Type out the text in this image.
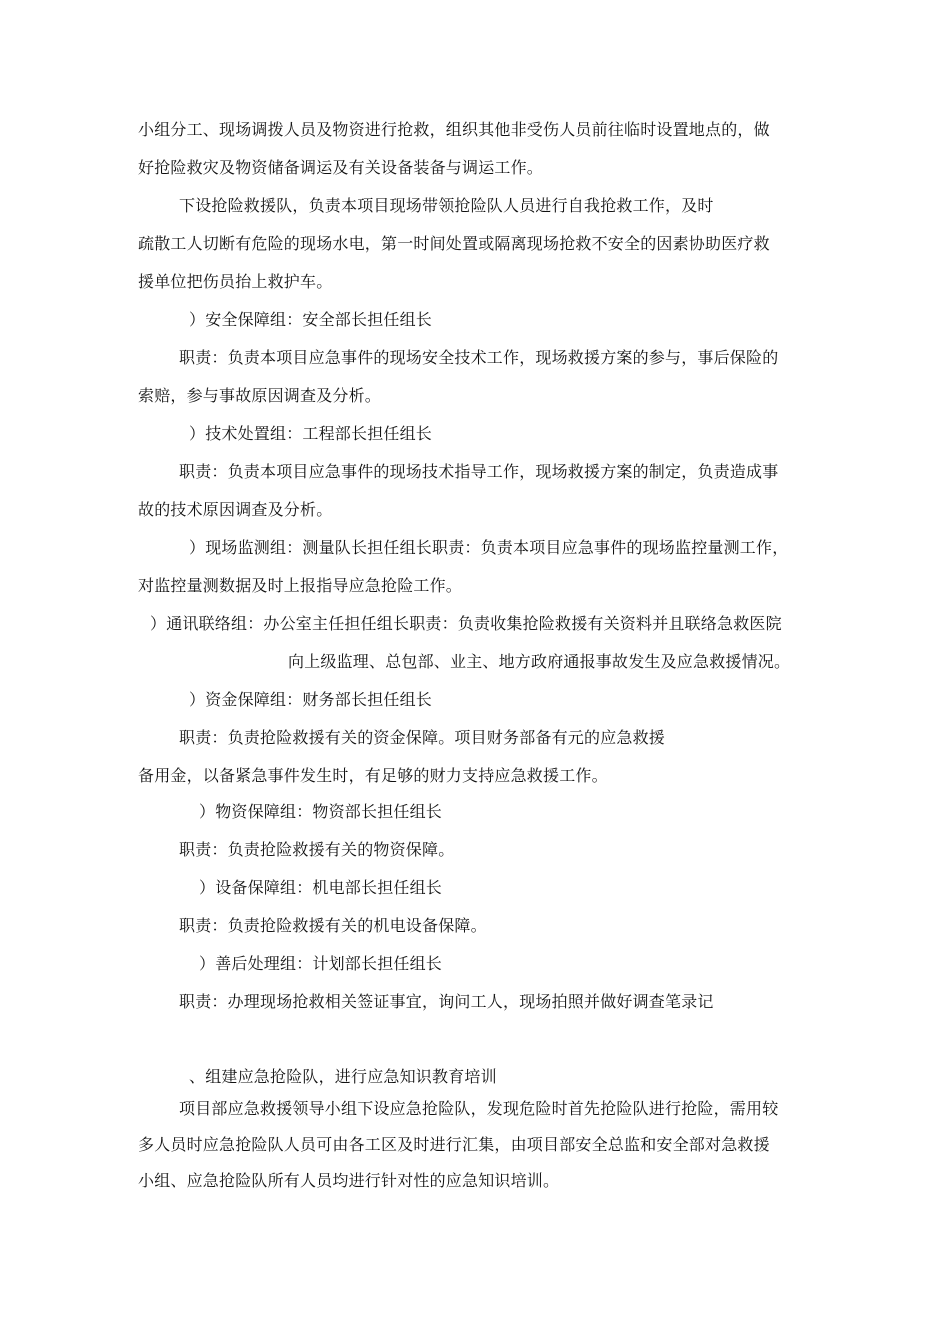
小组分工、现场调拨人员及物资进行抢救，组织其他非受伤人员前往临时设置地点的，做
好抢险救灾及物资储备调运及有关设备装备与调运工作。
下设抢险救援队，负责本项目现场带领抢险队人员进行自我抢救工作，及时
疏散工人切断有危险的现场水电，第一时间处置或隔离现场抢救不安全的因素协助医疗救
援单位把伤员抬上救护车。
）安全保障组：安全部长担任组长
职责：负责本项目应急事件的现场安全技术工作，现场救援方案的参与，事后保险的
索赔，参与事故原因调查及分析。
）技术处置组：工程部长担任组长
职责：负责本项目应急事件的现场技术指导工作，现场救援方案的制定，负责造成事
故的技术原因调查及分析。
）现场监测组：测量队长担任组长职责：负责本项目应急事件的现场监控量测工作，
对监控量测数据及时上报指导应急抢险工作。
）通讯联络组：办公室主任担任组长职责：负责收集抢险救援有关资料并且联络急救医院
向上级监理、总包部、业主、地方政府通报事故发生及应急救援情况。
）资金保障组：财务部长担任组长
职责：负责抢险救援有关的资金保障。项目财务部备有元的应急救援
备用金，以备紧急事件发生时，有足够的财力支持应急救援工作。
）物资保障组：物资部长担任组长
职责：负责抢险救援有关的物资保障。
）设备保障组：机电部长担任组长
职责：负责抢险救援有关的机电设备保障。
）善后处理组：计划部长担任组长
职责：办理现场抢救相关签证事宜，询问工人，现场拍照并做好调查笔录记
、组建应急抢险队，进行应急知识教育培训
项目部应急救援领导小组下设应急抢险队，发现危险时首先抢险队进行抢险，需用较
多人员时应急抢险队人员可由各工区及时进行汇集，由项目部安全总监和安全部对急救援
小组、应急抢险队所有人员均进行针对性的应急知识培训。
